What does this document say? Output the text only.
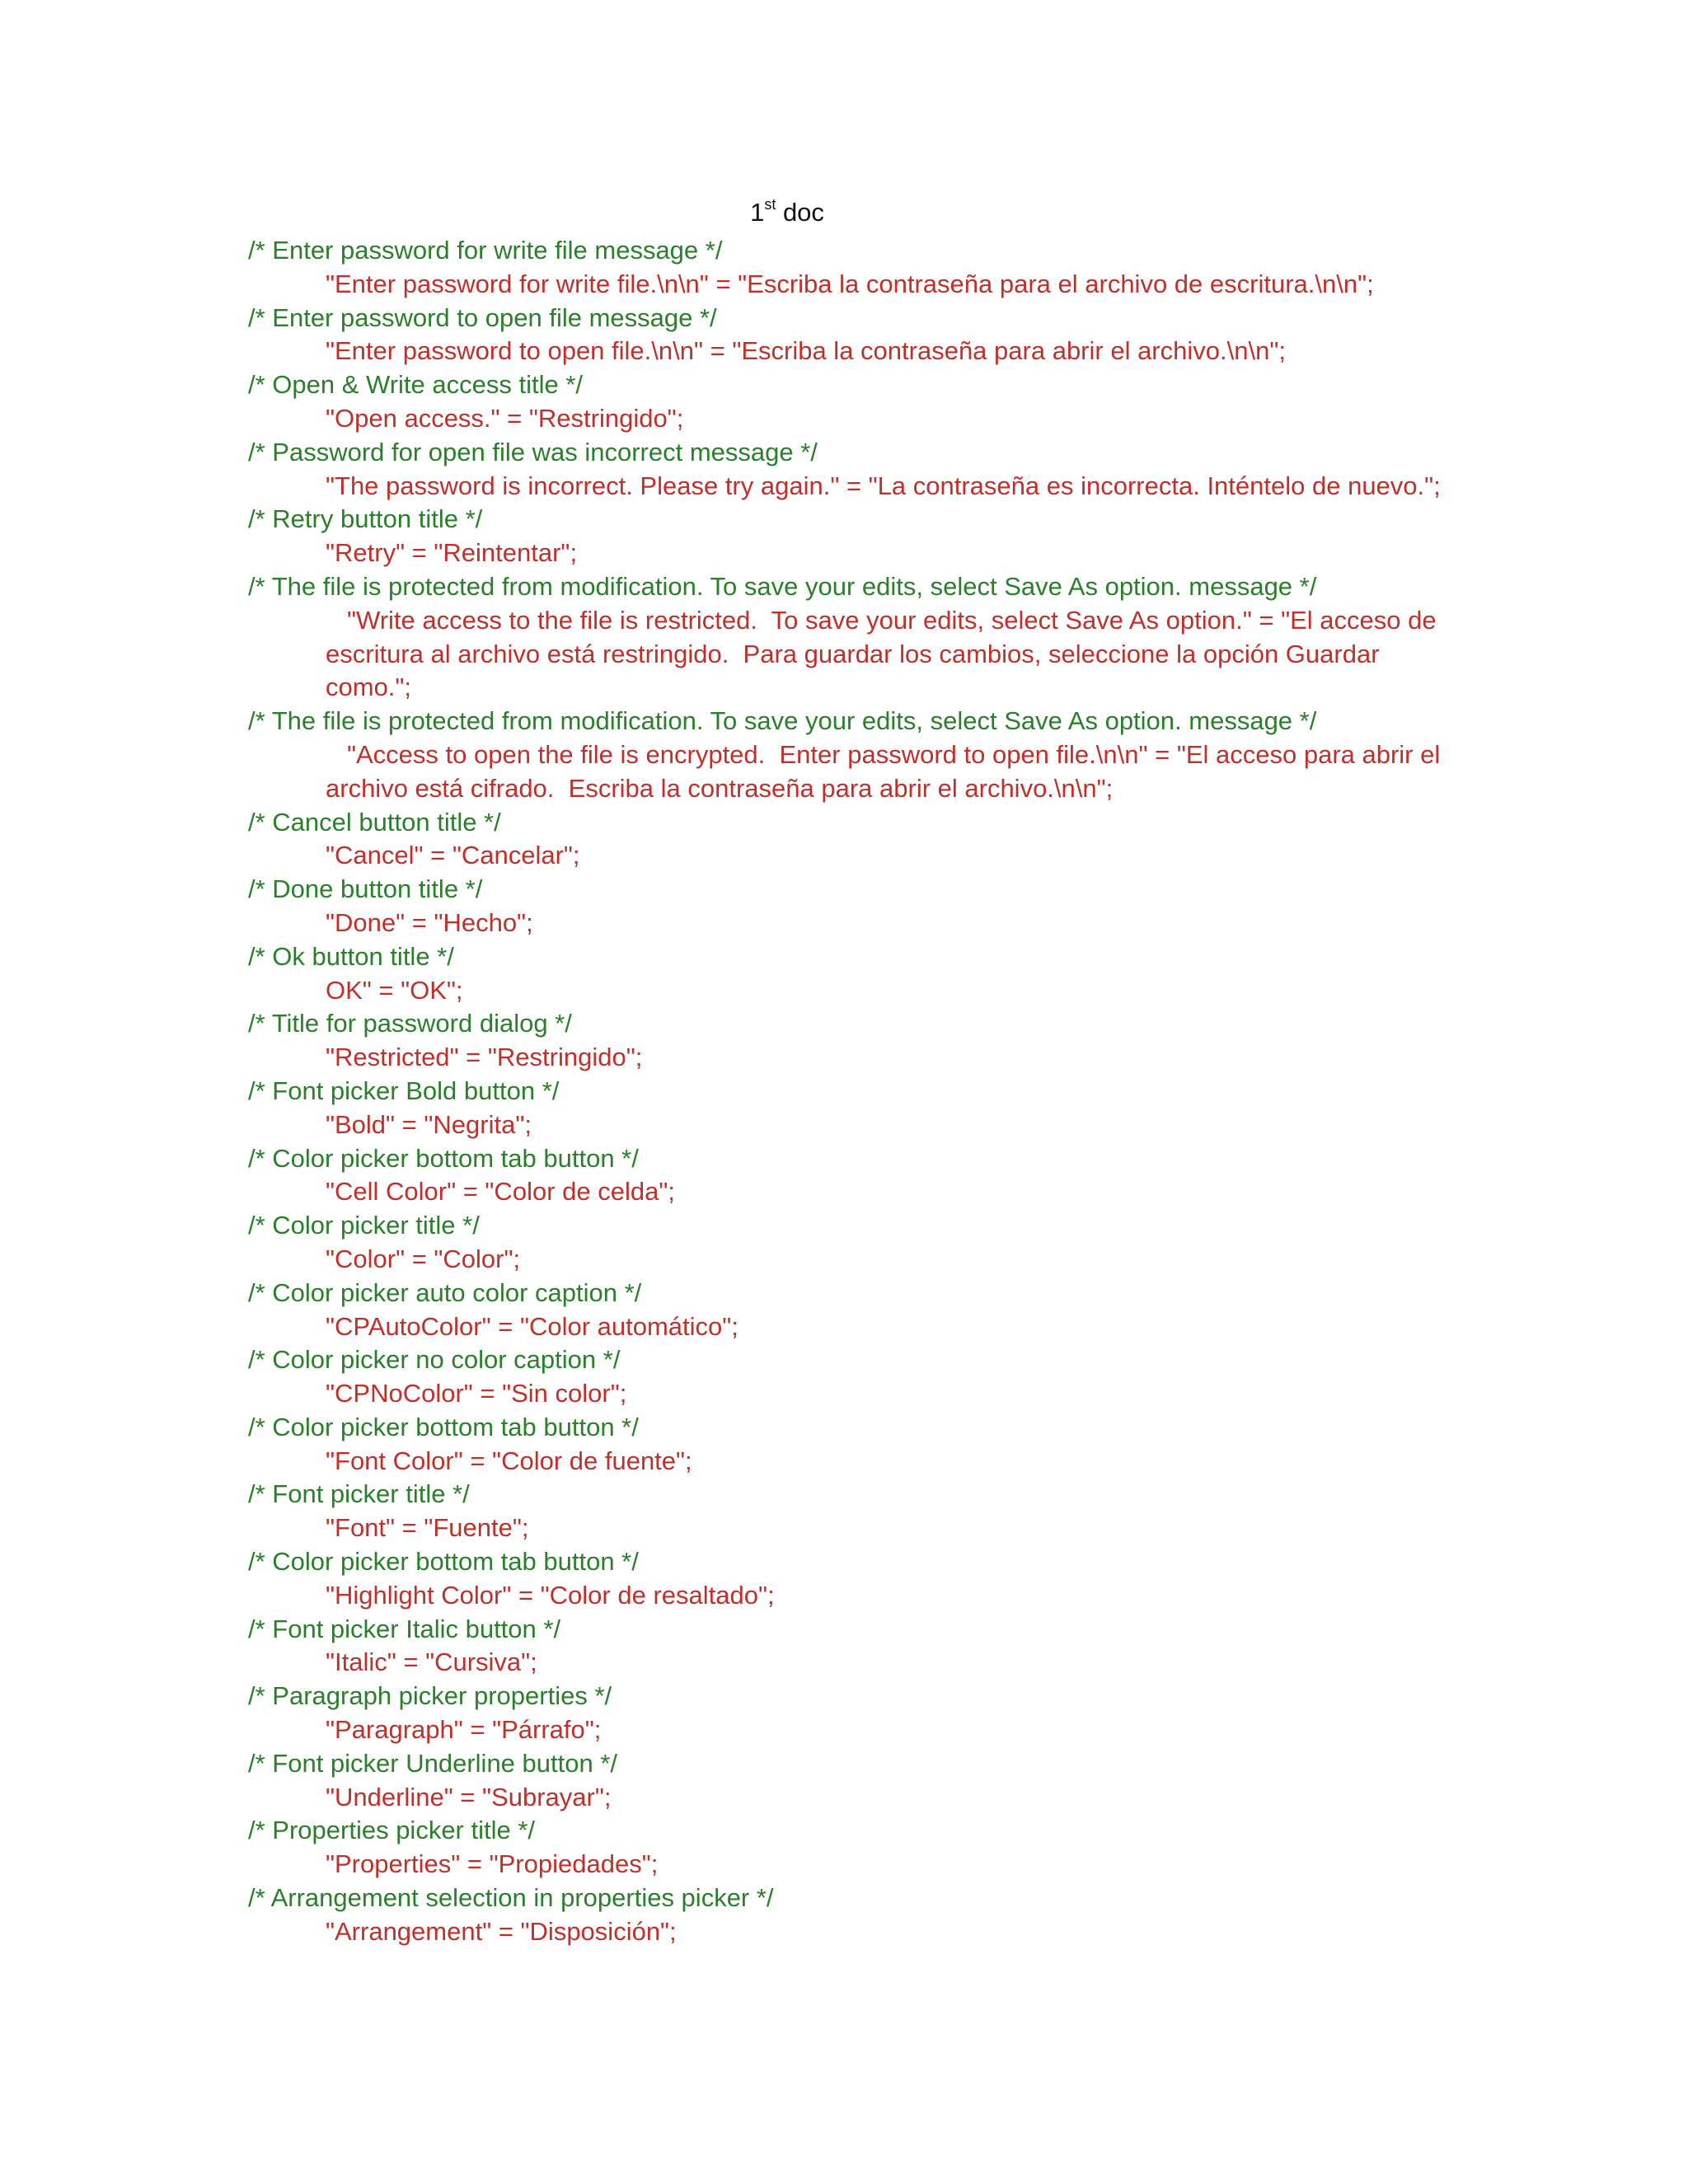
1st doc
/* Enter password for write file message */
"Enter password for write file.\n\n" = "Escriba la contraseña para el archivo de escritura.\n\n";
/* Enter password to open file message */
"Enter password to open file.\n\n" = "Escriba la contraseña para abrir el archivo.\n\n";
/* Open & Write access title */
"Open access." = "Restringido";
/* Password for open file was incorrect message */
"The password is incorrect. Please try again." = "La contraseña es incorrecta. Inténtelo de nuevo.";
/* Retry button title */
"Retry" = "Reintentar";
/* The file is protected from modification. To save your edits, select Save As option. message */
"Write access to the file is restricted.  To save your edits, select Save As option." = "El acceso de
escritura al archivo está restringido.  Para guardar los cambios, seleccione la opción Guardar
como.";
/* The file is protected from modification. To save your edits, select Save As option. message */
"Access to open the file is encrypted.  Enter password to open file.\n\n" = "El acceso para abrir el
archivo está cifrado.  Escriba la contraseña para abrir el archivo.\n\n";
/* Cancel button title */
"Cancel" = "Cancelar";
/* Done button title */
"Done" = "Hecho";
/* Ok button title */
OK" = "OK";
/* Title for password dialog */
"Restricted" = "Restringido";
/* Font picker Bold button */
"Bold" = "Negrita";
/* Color picker bottom tab button */
"Cell Color" = "Color de celda";
/* Color picker title */
"Color" = "Color";
/* Color picker auto color caption */
"CPAutoColor" = "Color automático";
/* Color picker no color caption */
"CPNoColor" = "Sin color";
/* Color picker bottom tab button */
"Font Color" = "Color de fuente";
/* Font picker title */
"Font" = "Fuente";
/* Color picker bottom tab button */
"Highlight Color" = "Color de resaltado";
/* Font picker Italic button */
"Italic" = "Cursiva";
/* Paragraph picker properties */
"Paragraph" = "Párrafo";
/* Font picker Underline button */
"Underline" = "Subrayar";
/* Properties picker title */
"Properties" = "Propiedades";
/* Arrangement selection in properties picker */
"Arrangement" = "Disposición";
